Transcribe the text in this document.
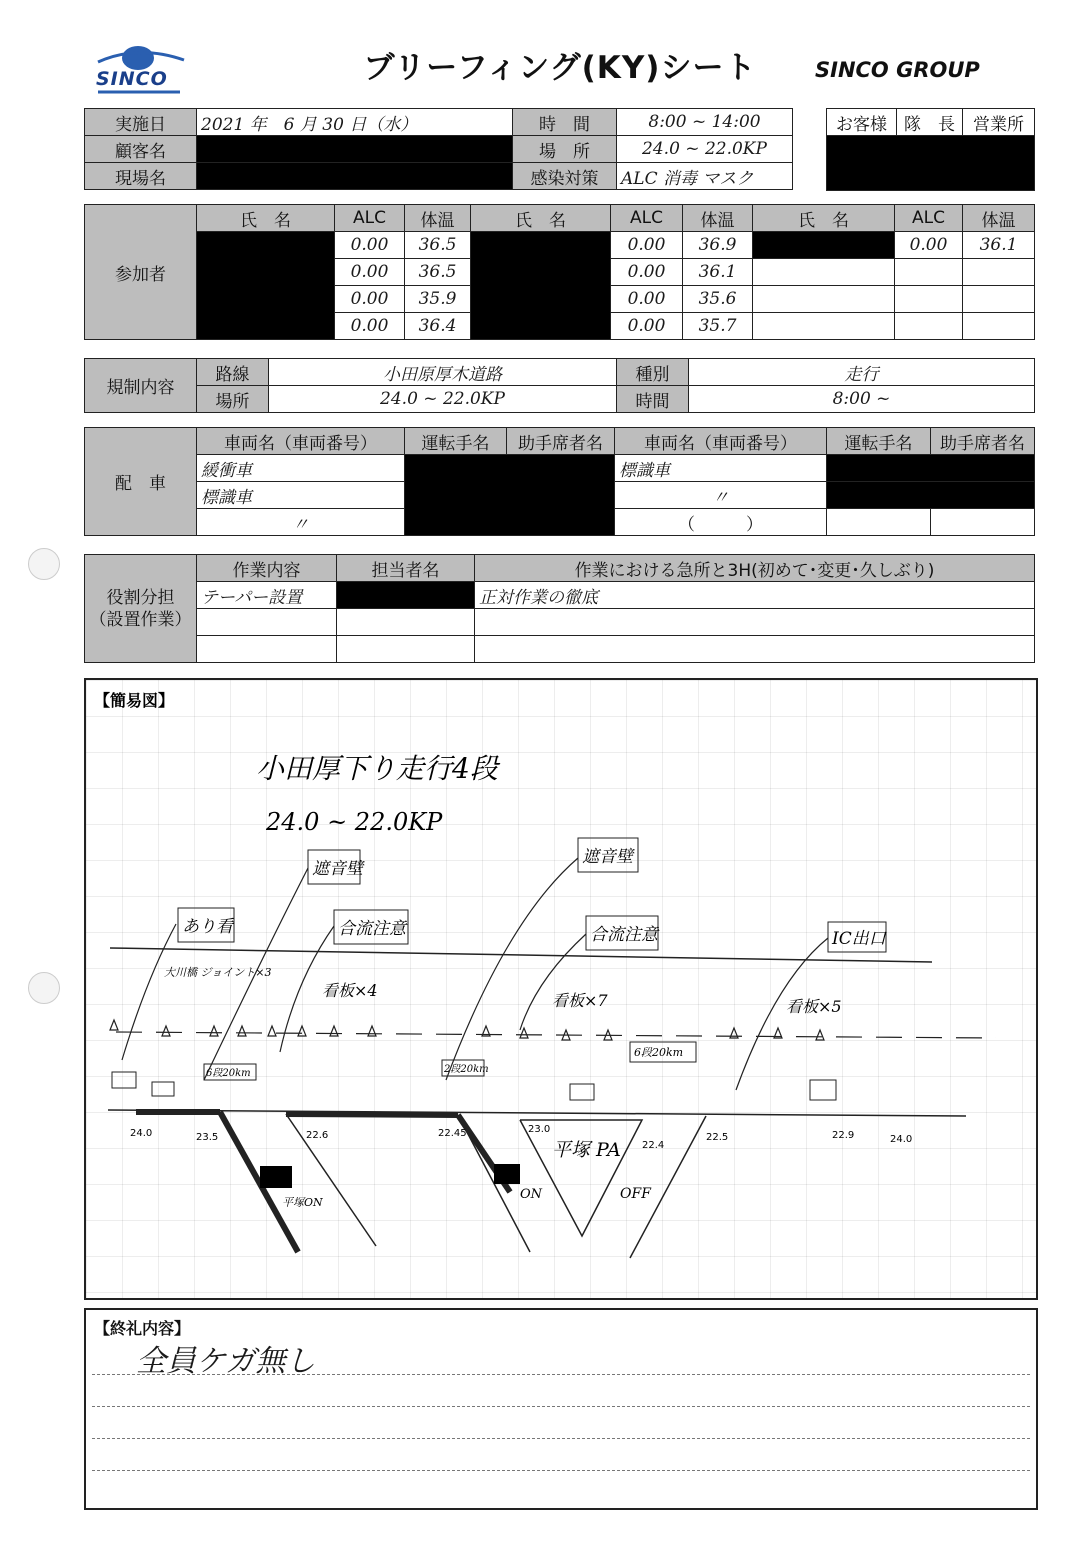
SINCO	ブリーフィング(KY)シート	SINCO GROUP
実施日	2021 年　6 月 30 日（水）	時　間	8:00 ~ 14:00
顧客名		場　所	24.0 ~ 22.0KP
現場名		感染対策	ALC 消毒 マスク
お客様	隊　長	営業所

参加者	氏　名	ALC	体温	氏　名	ALC	体温	氏　名	ALC	体温
		0.00	36.5		0.00	36.9		0.00	36.1
		0.00	36.5		0.00	36.1			
		0.00	35.9		0.00	35.6			
		0.00	36.4		0.00	35.7			
規制内容	路線	小田原厚木道路	種別	走行
	場所	24.0 ~ 22.0KP	時間	8:00 ~
配　車	車両名（車両番号）	運転手名	助手席者名	車両名（車両番号）	運転手名	助手席者名
	緩衝車			標識車		
	標識車			〃		
	〃			（　　　）		
役割分担
（設置作業）	作業内容	担当者名	作業における急所と3H(初めて･変更･久しぶり)
	テーパー設置		正対作業の徹底

【簡易図】
小田厚下り走行4段
24.0 ~ 22.0KP
あり看
遮音壁
合流注意
遮音壁
合流注意	IC出口
大川橋 ジョイント×3
看板×4
看板×7	看板×5
6段20km	2段20km
6段20km
24.0	23.5	22.6	22.45	23.0
22.4
22.5	22.9	24.0
平塚 PA
平塚ON
ON	OFF
【終礼内容】
全員ケガ無し
